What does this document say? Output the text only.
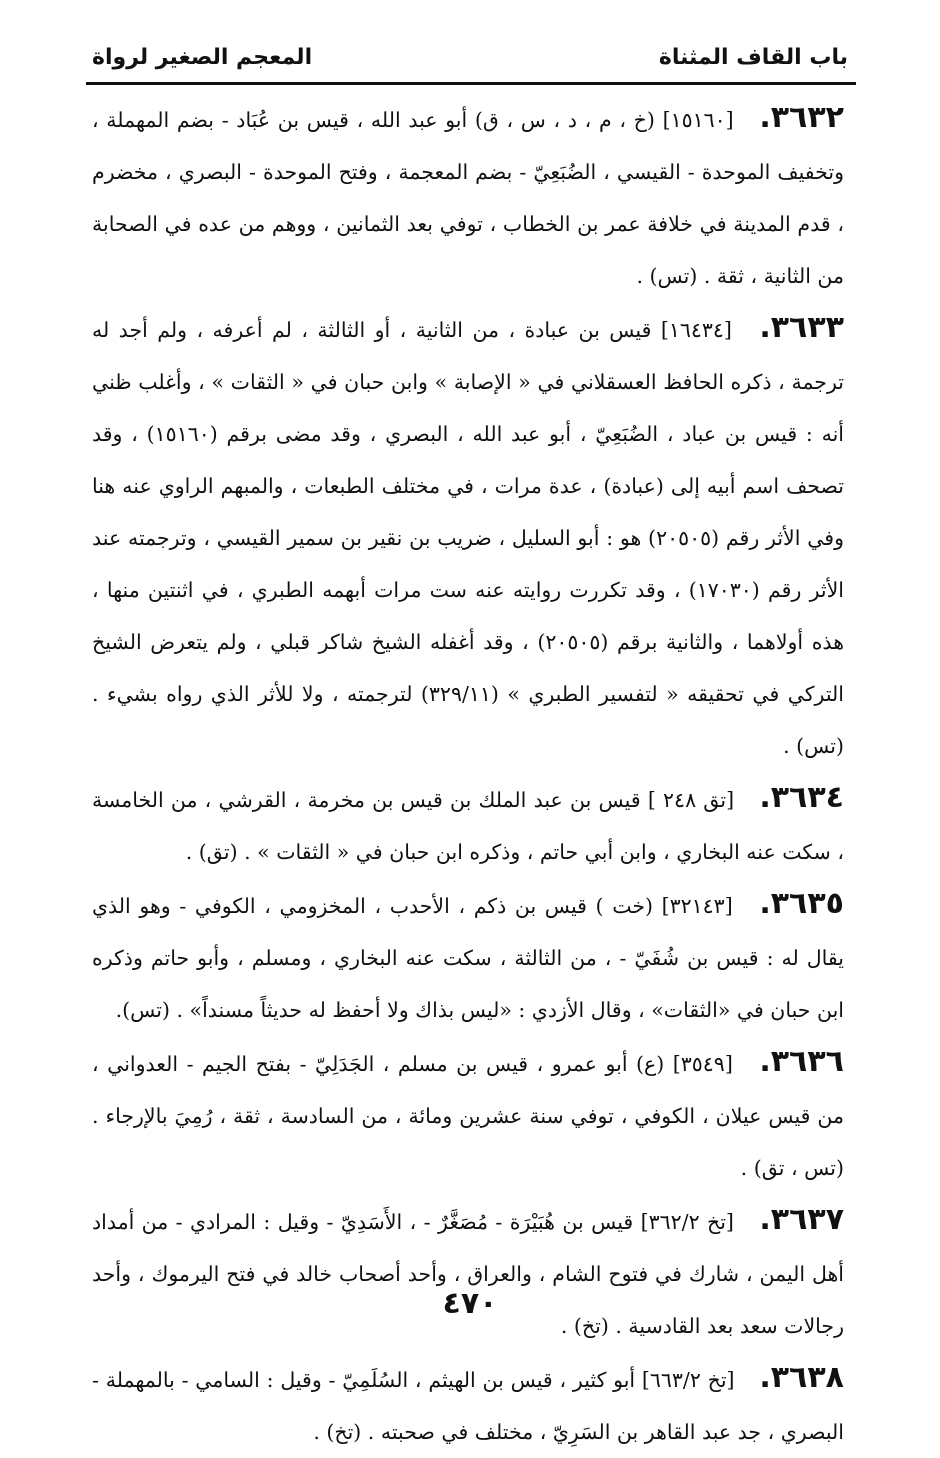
باب القاف المثناة
المعجم الصغير لرواة

٣٦٣٢. [١٥١٦٠] (خ ، م ، د ، س ، ق) أبو عبد الله ، قيس بن عُبَاد - بضم المهملة ، وتخفيف الموحدة - القيسي ، الضُبَعِيّ - بضم المعجمة ، وفتح الموحدة - البصري ، مخضرم ، قدم المدينة في خلافة عمر بن الخطاب ، توفي بعد الثمانين ، ووهم من عده في الصحابة من الثانية ، ثقة . (تس) .

٣٦٣٣. [١٦٤٣٤] قيس بن عبادة ، من الثانية ، أو الثالثة ، لم أعرفه ، ولم أجد له ترجمة ، ذكره الحافظ العسقلاني في « الإصابة » وابن حبان في « الثقات » ، وأغلب ظني أنه : قيس بن عباد ، الضُبَعِيّ ، أبو عبد الله ، البصري ، وقد مضى برقم (١٥١٦٠) ، وقد تصحف اسم أبيه إلى (عبادة) ، عدة مرات ، في مختلف الطبعات ، والمبهم الراوي عنه هنا وفي الأثر رقم (٢٠٥٠٥) هو : أبو السليل ، ضريب بن نقير بن سمير القيسي ، وترجمته عند الأثر رقم (١٧٠٣٠) ، وقد تكررت روايته عنه ست مرات أبهمه الطبري ، في اثنتين منها ، هذه أولاهما ، والثانية برقم (٢٠٥٠٥) ، وقد أغفله الشيخ شاكر قبلي ، ولم يتعرض الشيخ التركي في تحقيقه « لتفسير الطبري » (٣٢٩/١١) لترجمته ، ولا للأثر الذي رواه بشيء . (تس) .

٣٦٣٤. [تق ٢٤٨ ] قيس بن عبد الملك بن قيس بن مخرمة ، القرشي ، من الخامسة ، سكت عنه البخاري ، وابن أبي حاتم ، وذكره ابن حبان في « الثقات » . (تق) .

٣٦٣٥. [٣٢١٤٣] (خت ) قيس بن ذكم ، الأحدب ، المخزومي ، الكوفي - وهو الذي يقال له : قيس بن شُفَيّ - ، من الثالثة ، سكت عنه البخاري ، ومسلم ، وأبو حاتم وذكره ابن حبان في «الثقات» ، وقال الأزدي : «ليس بذاك ولا أحفظ له حديثاً مسنداً» . (تس).

٣٦٣٦. [٣٥٤٩] (ع) أبو عمرو ، قيس بن مسلم ، الجَدَلِيّ - بفتح الجيم - العدواني ، من قيس عيلان ، الكوفي ، توفي سنة عشرين ومائة ، من السادسة ، ثقة ، رُمِيَ بالإرجاء . (تس ، تق) .

٣٦٣٧. [تخ ٣٦٢/٢] قيس بن هُبَيْرَة - مُصَغَّرٌ - ، الأَسَدِيّ - وقيل : المرادي - من أمداد أهل اليمن ، شارك في فتوح الشام ، والعراق ، وأحد أصحاب خالد في فتح اليرموك ، وأحد رجالات سعد بعد القادسية . (تخ) .

٣٦٣٨. [تخ ٦٦٣/٢] أبو كثير ، قيس بن الهيثم ، السُلَمِيّ - وقيل : السامي - بالمهملة - البصري ، جد عبد القاهر بن السَرِيّ ، مختلف في صحبته . (تخ) .

٤٧٠
